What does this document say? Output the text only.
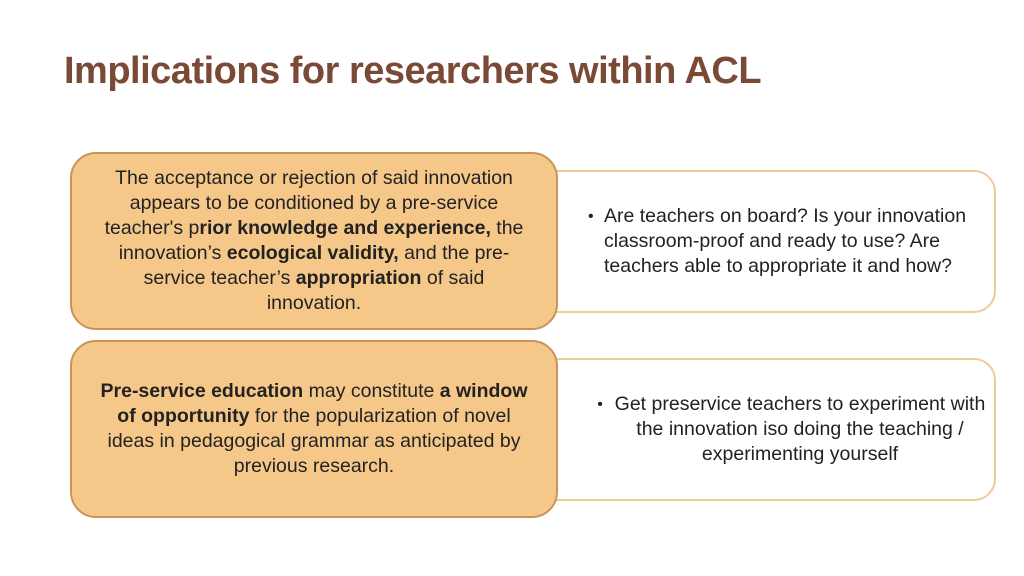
Implications for researchers within ACL
• Are teachers on board? Is your innovation classroom-proof and ready to use? Are teachers able to appropriate it and how?

The acceptance or rejection of said innovation appears to be conditioned by a pre-service teacher's prior knowledge and experience, the innovation’s ecological validity, and the pre-service teacher’s appropriation of said innovation.

• Get preservice teachers to experiment with the innovation iso doing the teaching / experimenting yourself

Pre-service education may constitute a window of opportunity for the popularization of novel ideas in pedagogical grammar as anticipated by previous research.
